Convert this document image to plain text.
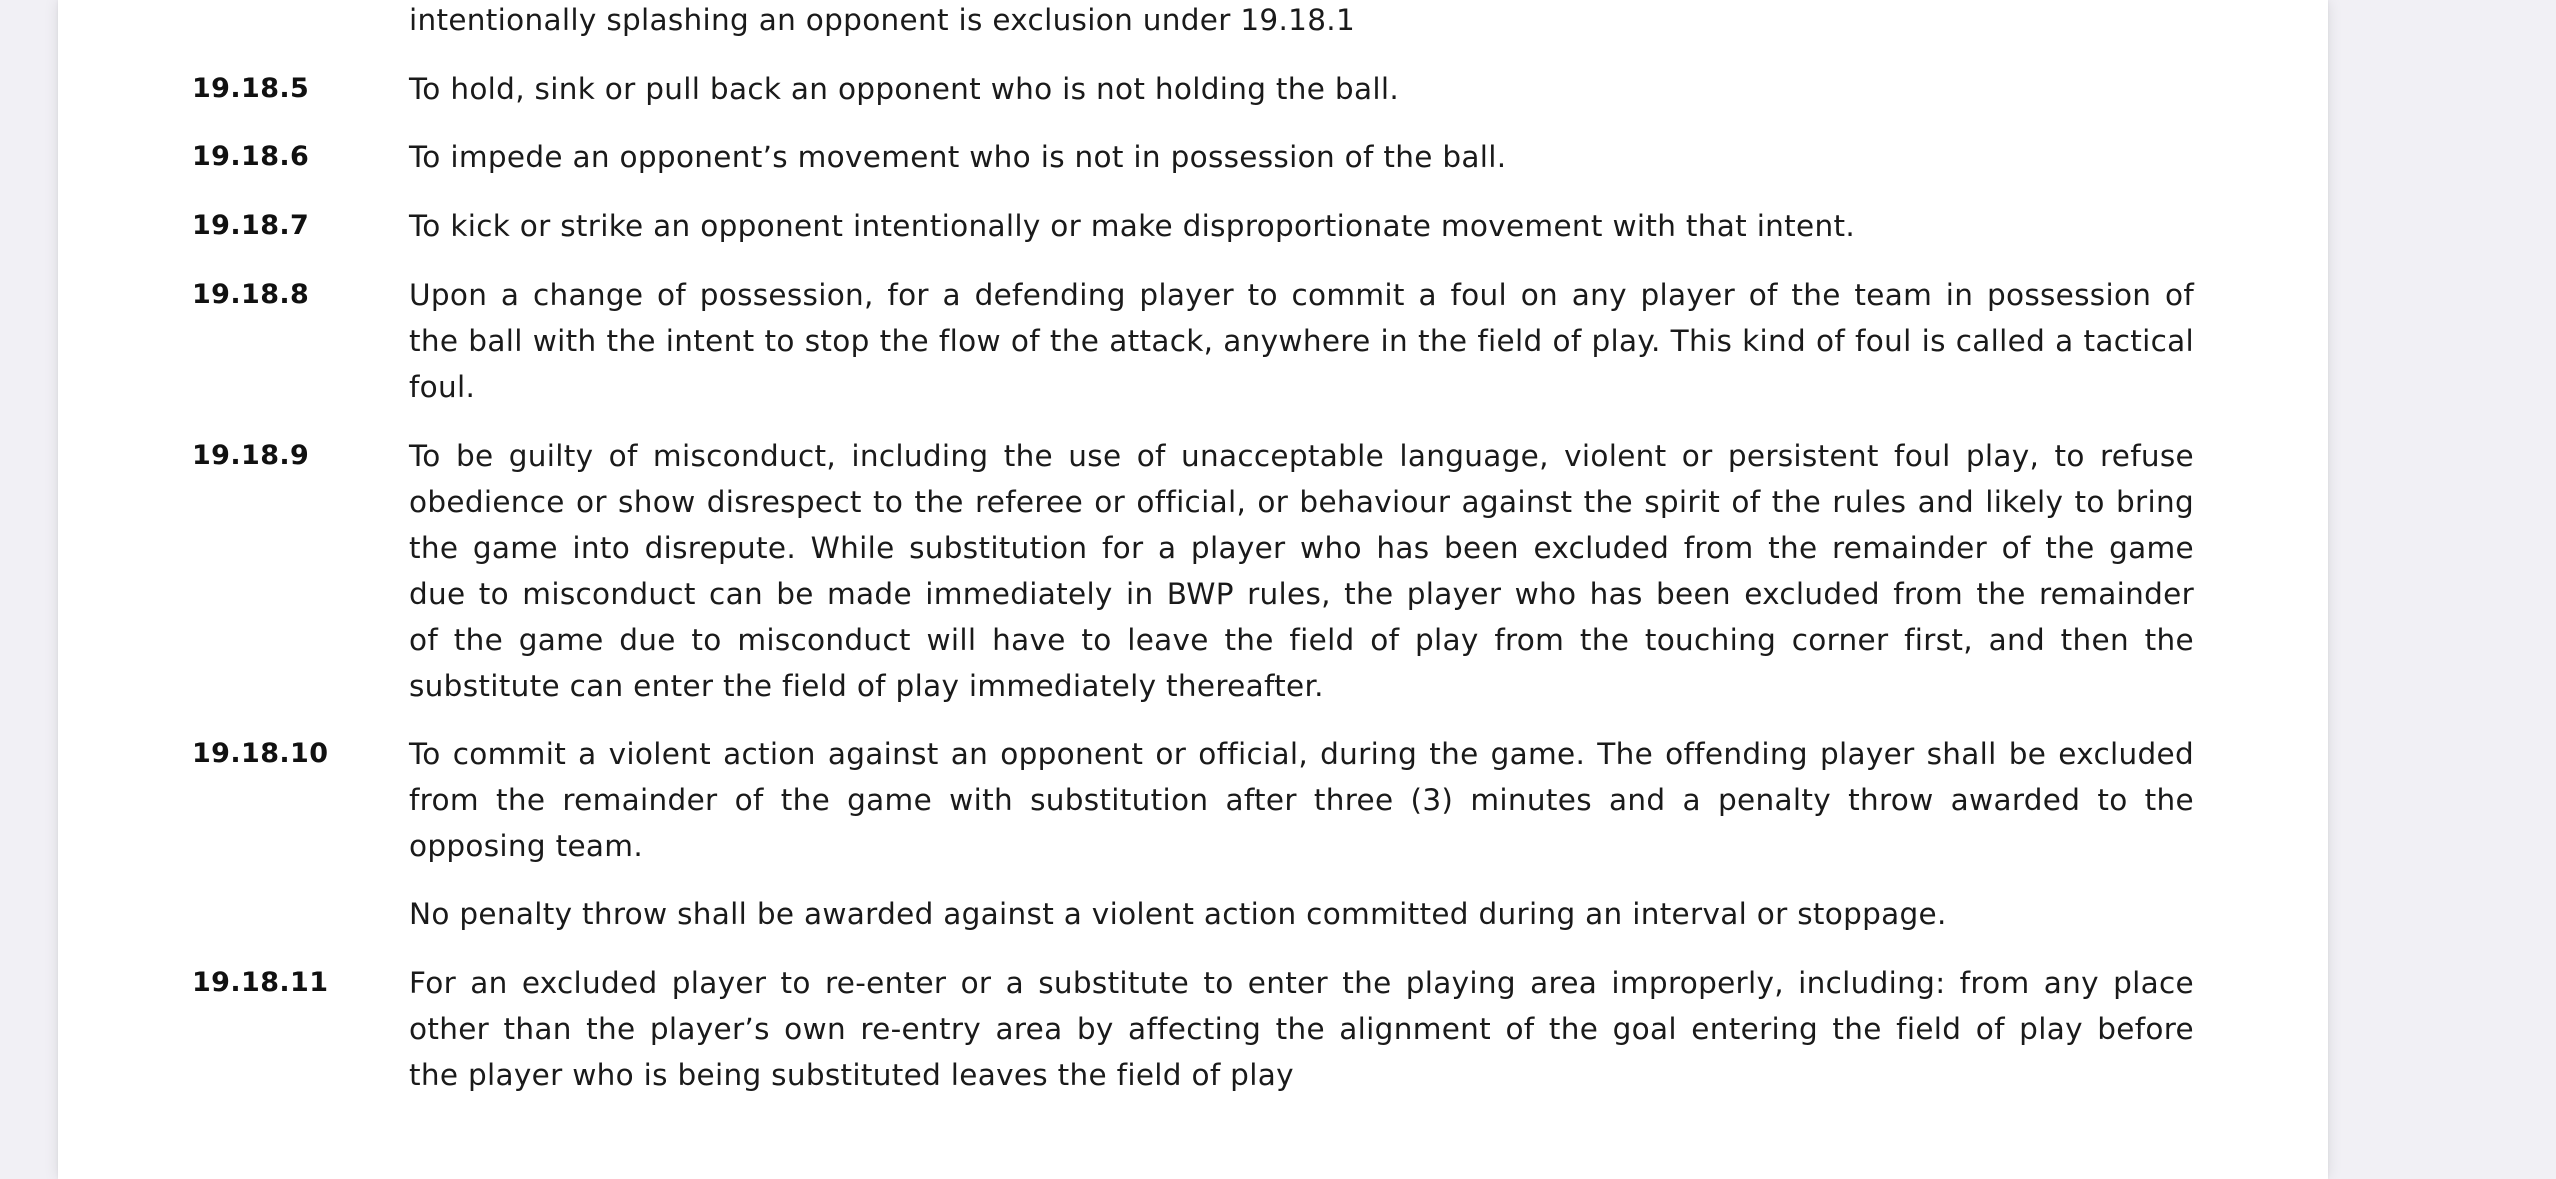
intentionally splashing an opponent is exclusion under 19.18.1
19.18.5	To hold, sink or pull back an opponent who is not holding the ball.
19.18.6	To impede an opponent’s movement who is not in possession of the ball.
19.18.7	To kick or strike an opponent intentionally or make disproportionate movement with that intent.
19.18.8	Upon a change of possession, for a defending player to commit a foul on any player of the team in possession of
the ball with the intent to stop the flow of the attack, anywhere in the field of play. This kind of foul is called a tactical
foul.
19.18.9	To be guilty of misconduct, including the use of unacceptable language, violent or persistent foul play, to refuse
obedience or show disrespect to the referee or official, or behaviour against the spirit of the rules and likely to bring
the game into disrepute. While substitution for a player who has been excluded from the remainder of the game
due to misconduct can be made immediately in BWP rules, the player who has been excluded from the remainder
of the game due to misconduct will have to leave the field of play from the touching corner first, and then the
substitute can enter the field of play immediately thereafter.
19.18.10	To commit a violent action against an opponent or official, during the game. The offending player shall be excluded
from the remainder of the game with substitution after three (3) minutes and a penalty throw awarded to the
opposing team.
No penalty throw shall be awarded against a violent action committed during an interval or stoppage.
19.18.11	For an excluded player to re-enter or a substitute to enter the playing area improperly, including: from any place
other than the player’s own re-entry area by affecting the alignment of the goal entering the field of play before
the player who is being substituted leaves the field of play
